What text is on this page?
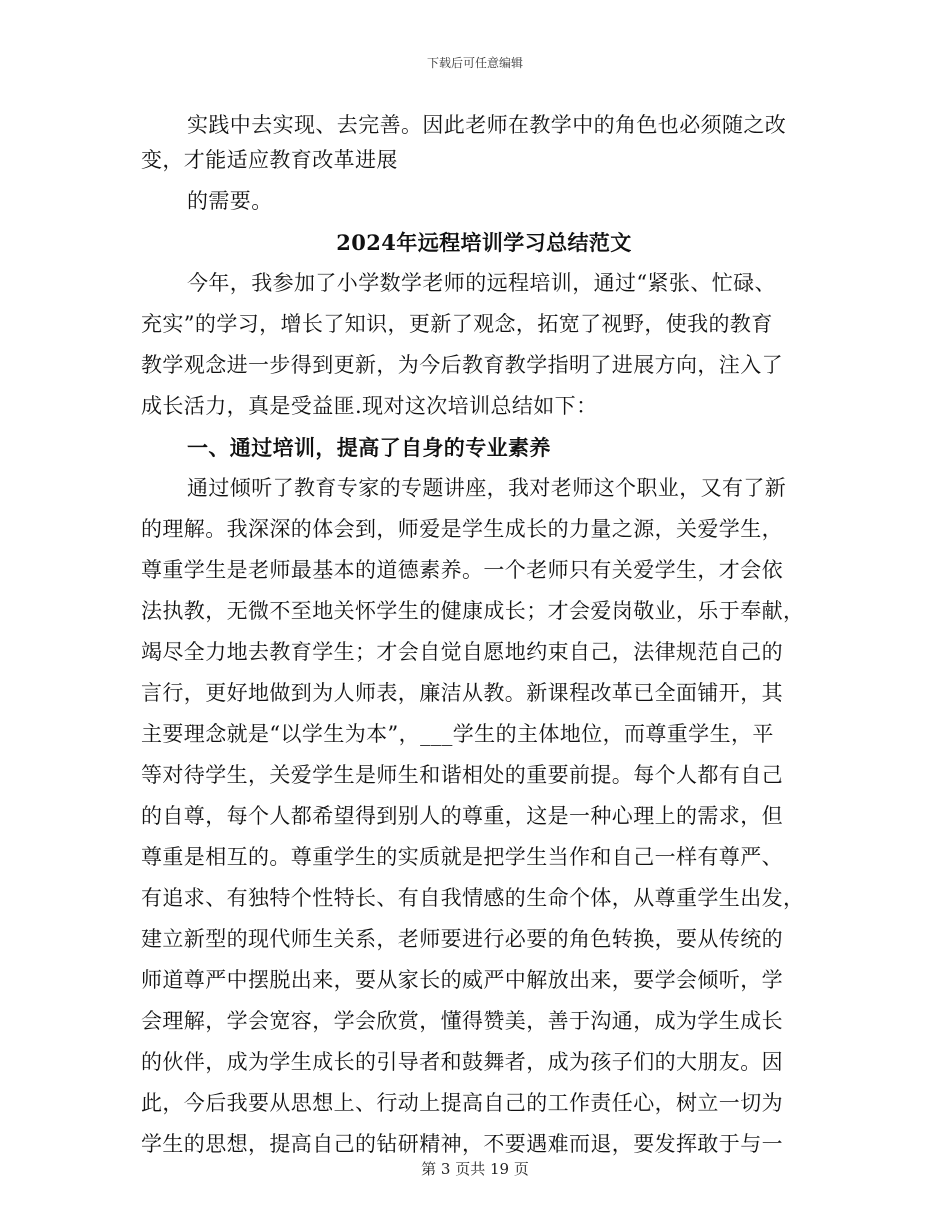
下载后可任意编辑
实践中去实现、去完善。因此老师在教学中的角色也必须随之改
变，才能适应教育改革进展
的需要。
2024年远程培训学习总结范文
今年，我参加了小学数学老师的远程培训，通过“紧张、忙碌、
充实”的学习，增长了知识，更新了观念，拓宽了视野，使我的教育
教学观念进一步得到更新，为今后教育教学指明了进展方向，注入了
成长活力，真是受益匪.现对这次培训总结如下：
一、通过培训，提高了自身的专业素养
通过倾听了教育专家的专题讲座，我对老师这个职业，又有了新
的理解。我深深的体会到，师爱是学生成长的力量之源，关爱学生，
尊重学生是老师最基本的道德素养。一个老师只有关爱学生，才会依
法执教，无微不至地关怀学生的健康成长；才会爱岗敬业，乐于奉献，
竭尽全力地去教育学生；才会自觉自愿地约束自己，法律规范自己的
言行，更好地做到为人师表，廉洁从教。新课程改革已全面铺开，其
主要理念就是“以学生为本”，___学生的主体地位，而尊重学生，平
等对待学生，关爱学生是师生和谐相处的重要前提。每个人都有自己
的自尊，每个人都希望得到别人的尊重，这是一种心理上的需求，但
尊重是相互的。尊重学生的实质就是把学生当作和自己一样有尊严、
有追求、有独特个性特长、有自我情感的生命个体，从尊重学生出发，
建立新型的现代师生关系，老师要进行必要的角色转换，要从传统的
师道尊严中摆脱出来，要从家长的威严中解放出来，要学会倾听，学
会理解，学会宽容，学会欣赏，懂得赞美，善于沟通，成为学生成长
的伙伴，成为学生成长的引导者和鼓舞者，成为孩子们的大朋友。因
此，今后我要从思想上、行动上提高自己的工作责任心，树立一切为
学生的思想，提高自己的钻研精神，不要遇难而退，要发挥敢于与一
第 3 页共 19 页
